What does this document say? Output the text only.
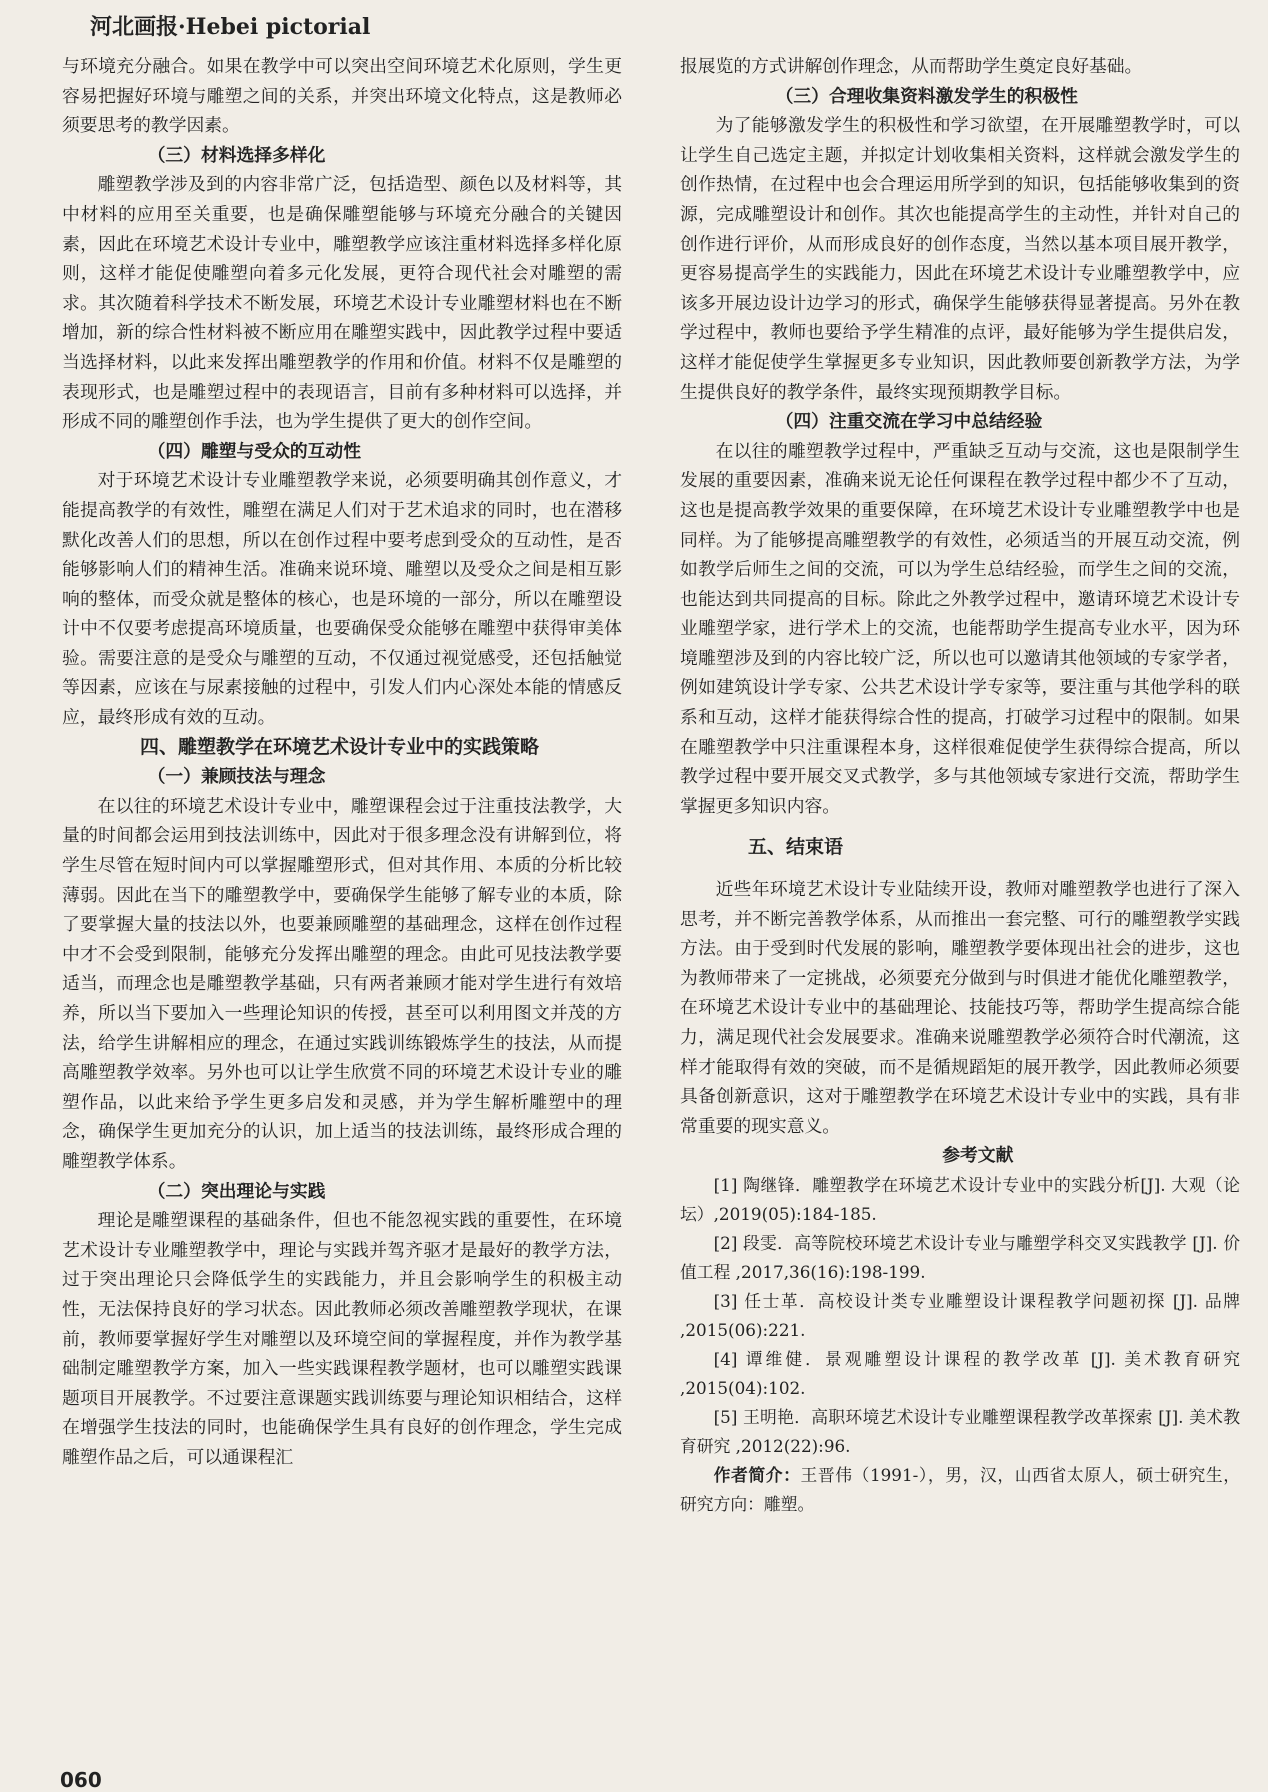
河北画报·Hebei pictorial

与环境充分融合。如果在教学中可以突出空间环境艺术化原则，学生更容易把握好环境与雕塑之间的关系，并突出环境文化特点，这是教师必须要思考的教学因素。

（三）材料选择多样化

雕塑教学涉及到的内容非常广泛，包括造型、颜色以及材料等，其中材料的应用至关重要，也是确保雕塑能够与环境充分融合的关键因素，因此在环境艺术设计专业中，雕塑教学应该注重材料选择多样化原则，这样才能促使雕塑向着多元化发展，更符合现代社会对雕塑的需求。其次随着科学技术不断发展，环境艺术设计专业雕塑材料也在不断增加，新的综合性材料被不断应用在雕塑实践中，因此教学过程中要适当选择材料，以此来发挥出雕塑教学的作用和价值。材料不仅是雕塑的表现形式，也是雕塑过程中的表现语言，目前有多种材料可以选择，并形成不同的雕塑创作手法，也为学生提供了更大的创作空间。

（四）雕塑与受众的互动性

对于环境艺术设计专业雕塑教学来说，必须要明确其创作意义，才能提高教学的有效性，雕塑在满足人们对于艺术追求的同时，也在潜移默化改善人们的思想，所以在创作过程中要考虑到受众的互动性，是否能够影响人们的精神生活。准确来说环境、雕塑以及受众之间是相互影响的整体，而受众就是整体的核心，也是环境的一部分，所以在雕塑设计中不仅要考虑提高环境质量，也要确保受众能够在雕塑中获得审美体验。需要注意的是受众与雕塑的互动，不仅通过视觉感受，还包括触觉等因素，应该在与尿素接触的过程中，引发人们内心深处本能的情感反应，最终形成有效的互动。

四、雕塑教学在环境艺术设计专业中的实践策略

（一）兼顾技法与理念

在以往的环境艺术设计专业中，雕塑课程会过于注重技法教学，大量的时间都会运用到技法训练中，因此对于很多理念没有讲解到位，将学生尽管在短时间内可以掌握雕塑形式，但对其作用、本质的分析比较薄弱。因此在当下的雕塑教学中，要确保学生能够了解专业的本质，除了要掌握大量的技法以外，也要兼顾雕塑的基础理念，这样在创作过程中才不会受到限制，能够充分发挥出雕塑的理念。由此可见技法教学要适当，而理念也是雕塑教学基础，只有两者兼顾才能对学生进行有效培养，所以当下要加入一些理论知识的传授，甚至可以利用图文并茂的方法，给学生讲解相应的理念，在通过实践训练锻炼学生的技法，从而提高雕塑教学效率。另外也可以让学生欣赏不同的环境艺术设计专业的雕塑作品，以此来给予学生更多启发和灵感，并为学生解析雕塑中的理念，确保学生更加充分的认识，加上适当的技法训练，最终形成合理的雕塑教学体系。

（二）突出理论与实践

理论是雕塑课程的基础条件，但也不能忽视实践的重要性，在环境艺术设计专业雕塑教学中，理论与实践并驾齐驱才是最好的教学方法，过于突出理论只会降低学生的实践能力，并且会影响学生的积极主动性，无法保持良好的学习状态。因此教师必须改善雕塑教学现状，在课前，教师要掌握好学生对雕塑以及环境空间的掌握程度，并作为教学基础制定雕塑教学方案，加入一些实践课程教学题材，也可以雕塑实践课题项目开展教学。不过要注意课题实践训练要与理论知识相结合，这样在增强学生技法的同时，也能确保学生具有良好的创作理念，学生完成雕塑作品之后，可以通课程汇

报展览的方式讲解创作理念，从而帮助学生奠定良好基础。

（三）合理收集资料激发学生的积极性

为了能够激发学生的积极性和学习欲望，在开展雕塑教学时，可以让学生自己选定主题，并拟定计划收集相关资料，这样就会激发学生的创作热情，在过程中也会合理运用所学到的知识，包括能够收集到的资源，完成雕塑设计和创作。其次也能提高学生的主动性，并针对自己的创作进行评价，从而形成良好的创作态度，当然以基本项目展开教学，更容易提高学生的实践能力，因此在环境艺术设计专业雕塑教学中，应该多开展边设计边学习的形式，确保学生能够获得显著提高。另外在教学过程中，教师也要给予学生精准的点评，最好能够为学生提供启发，这样才能促使学生掌握更多专业知识，因此教师要创新教学方法，为学生提供良好的教学条件，最终实现预期教学目标。

（四）注重交流在学习中总结经验

在以往的雕塑教学过程中，严重缺乏互动与交流，这也是限制学生发展的重要因素，准确来说无论任何课程在教学过程中都少不了互动，这也是提高教学效果的重要保障，在环境艺术设计专业雕塑教学中也是同样。为了能够提高雕塑教学的有效性，必须适当的开展互动交流，例如教学后师生之间的交流，可以为学生总结经验，而学生之间的交流，也能达到共同提高的目标。除此之外教学过程中，邀请环境艺术设计专业雕塑学家，进行学术上的交流，也能帮助学生提高专业水平，因为环境雕塑涉及到的内容比较广泛，所以也可以邀请其他领域的专家学者，例如建筑设计学专家、公共艺术设计学专家等，要注重与其他学科的联系和互动，这样才能获得综合性的提高，打破学习过程中的限制。如果在雕塑教学中只注重课程本身，这样很难促使学生获得综合提高，所以教学过程中要开展交叉式教学，多与其他领域专家进行交流，帮助学生掌握更多知识内容。

五、结束语

近些年环境艺术设计专业陆续开设，教师对雕塑教学也进行了深入思考，并不断完善教学体系，从而推出一套完整、可行的雕塑教学实践方法。由于受到时代发展的影响，雕塑教学要体现出社会的进步，这也为教师带来了一定挑战，必须要充分做到与时俱进才能优化雕塑教学，在环境艺术设计专业中的基础理论、技能技巧等，帮助学生提高综合能力，满足现代社会发展要求。准确来说雕塑教学必须符合时代潮流，这样才能取得有效的突破，而不是循规蹈矩的展开教学，因此教师必须要具备创新意识，这对于雕塑教学在环境艺术设计专业中的实践，具有非常重要的现实意义。

参考文献

[1] 陶继锋．雕塑教学在环境艺术设计专业中的实践分析[J]. 大观（论坛）,2019(05):184-185.

[2] 段雯．高等院校环境艺术设计专业与雕塑学科交叉实践教学 [J]. 价值工程 ,2017,36(16):198-199.

[3] 任士革．高校设计类专业雕塑设计课程教学问题初探 [J]. 品牌 ,2015(06):221.

[4] 谭维健．景观雕塑设计课程的教学改革 [J]. 美术教育研究 ,2015(04):102.

[5] 王明艳．高职环境艺术设计专业雕塑课程教学改革探索 [J]. 美术教育研究 ,2012(22):96.

作者简介：王晋伟（1991-），男，汉，山西省太原人，硕士研究生，研究方向：雕塑。

060
